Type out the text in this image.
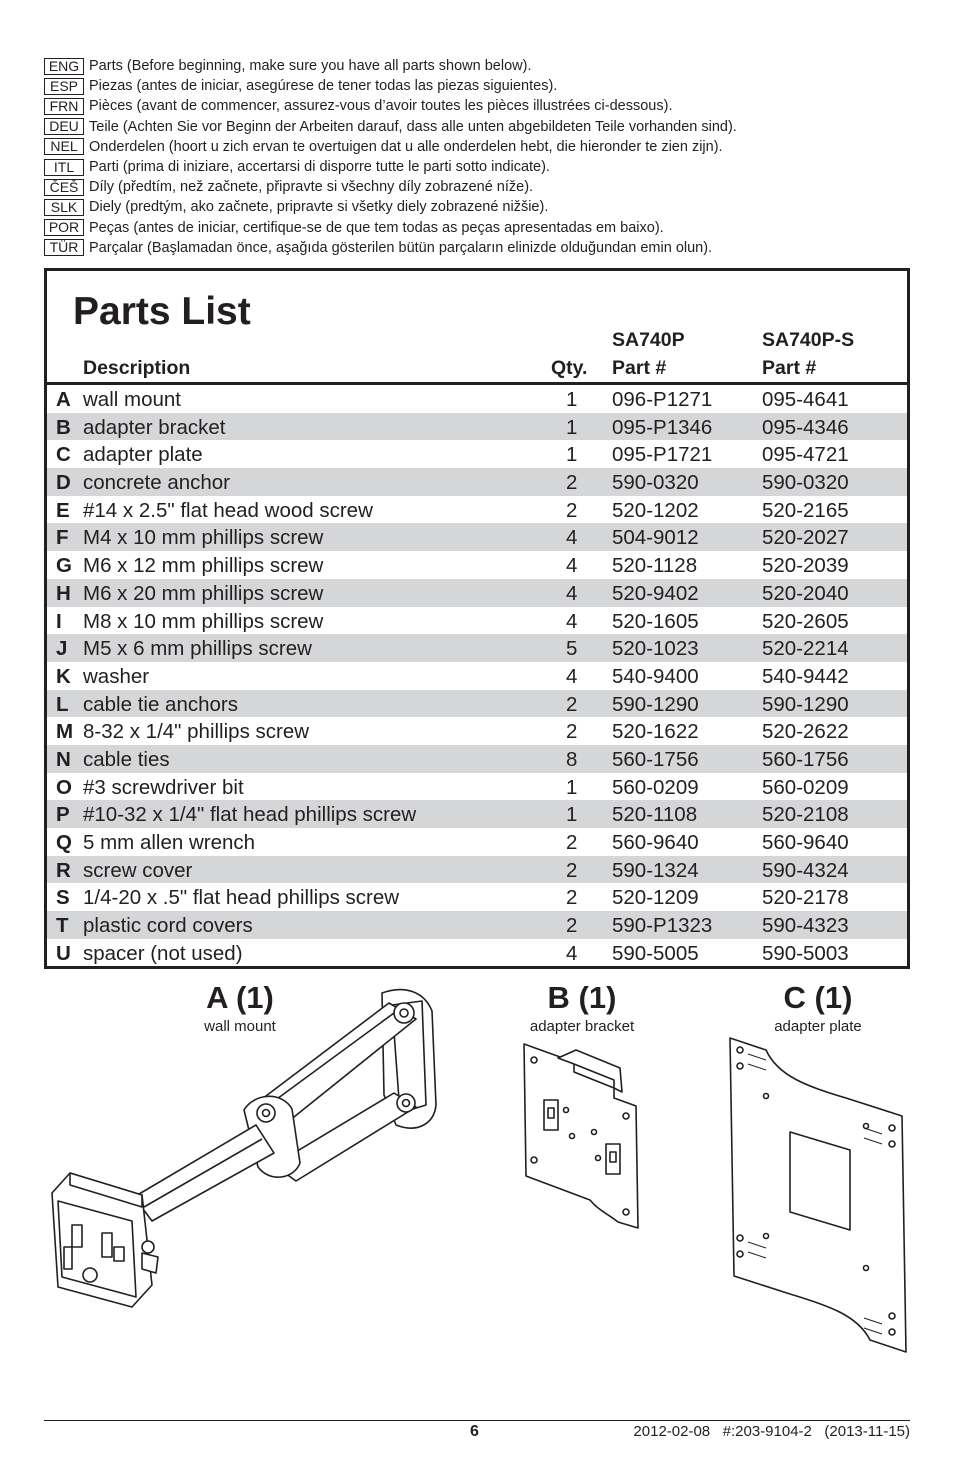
ENG Parts (Before beginning, make sure you have all parts shown below).
ESP Piezas (antes de iniciar, asegúrese de tener todas las piezas siguientes).
FRN Pièces (avant de commencer, assurez-vous d’avoir toutes les pièces illustrées ci-dessous).
DEU Teile (Achten Sie vor Beginn der Arbeiten darauf, dass alle unten abgebildeten Teile vorhanden sind).
NEL Onderdelen (hoort u zich ervan te overtuigen dat u alle onderdelen hebt, die hieronder te zien zijn).
ITL	Parti (prima di iniziare, accertarsi di disporre tutte le parti sotto indicate).
ČEŠ Díly (předtím, než začnete, připravte si všechny díly zobrazené níže).
SLK Diely (predtým, ako začnete, pripravte si všetky diely zobrazené nižšie).
POR Peças (antes de iniciar, certifique-se de que tem todas as peças apresentadas em baixo).
TÜR Parçalar (Başlamadan önce, aşağıda gösterilen bütün parçaların elinizde olduğundan emin olun).
Parts List
Description	Qty.
SA740P	SA740P-S
Part #	Part #
A wall mount	1 096-P1271 095-4641
B adapter bracket	1 095-P1346 095-4346
C adapter plate	1 095-P1721 095-4721
D concrete anchor	2 590-0320	590-0320
E #14 x 2.5" flat head wood screw	2 520-1202	520-2165
F M4 x 10 mm phillips screw	4 504-9012	520-2027
G M6 x 12 mm phillips screw	4 520-1128	520-2039
H M6 x 20 mm phillips screw	4 520-9402	520-2040
I M8 x 10 mm phillips screw	4 520-1605	520-2605
J M5 x 6 mm phillips screw	5 520-1023	520-2214
K washer	4 540-9400	540-9442
L cable tie anchors	2 590-1290	590-1290
M 8-32 x 1/4" phillips screw	2 520-1622	520-2622
N cable ties	8 560-1756	560-1756
O #3 screwdriver bit	1 560-0209	560-0209
P #10-32 x 1/4" flat head phillips screw	1 520-1108	520-2108
Q 5 mm allen wrench	2 560-9640	560-9640
R screw cover	2 590-1324	590-4324
S 1/4-20 x .5" flat head phillips screw	2 520-1209	520-2178
T plastic cord covers	2 590-P1323 590-4323
U spacer (not used)	4 590-5005	590-5003
A (1)
wall mount
B (1)
adapter bracket
C (1)
adapter plate
6	2012-02-08   #:203-9104-2   (2013-11-15)
